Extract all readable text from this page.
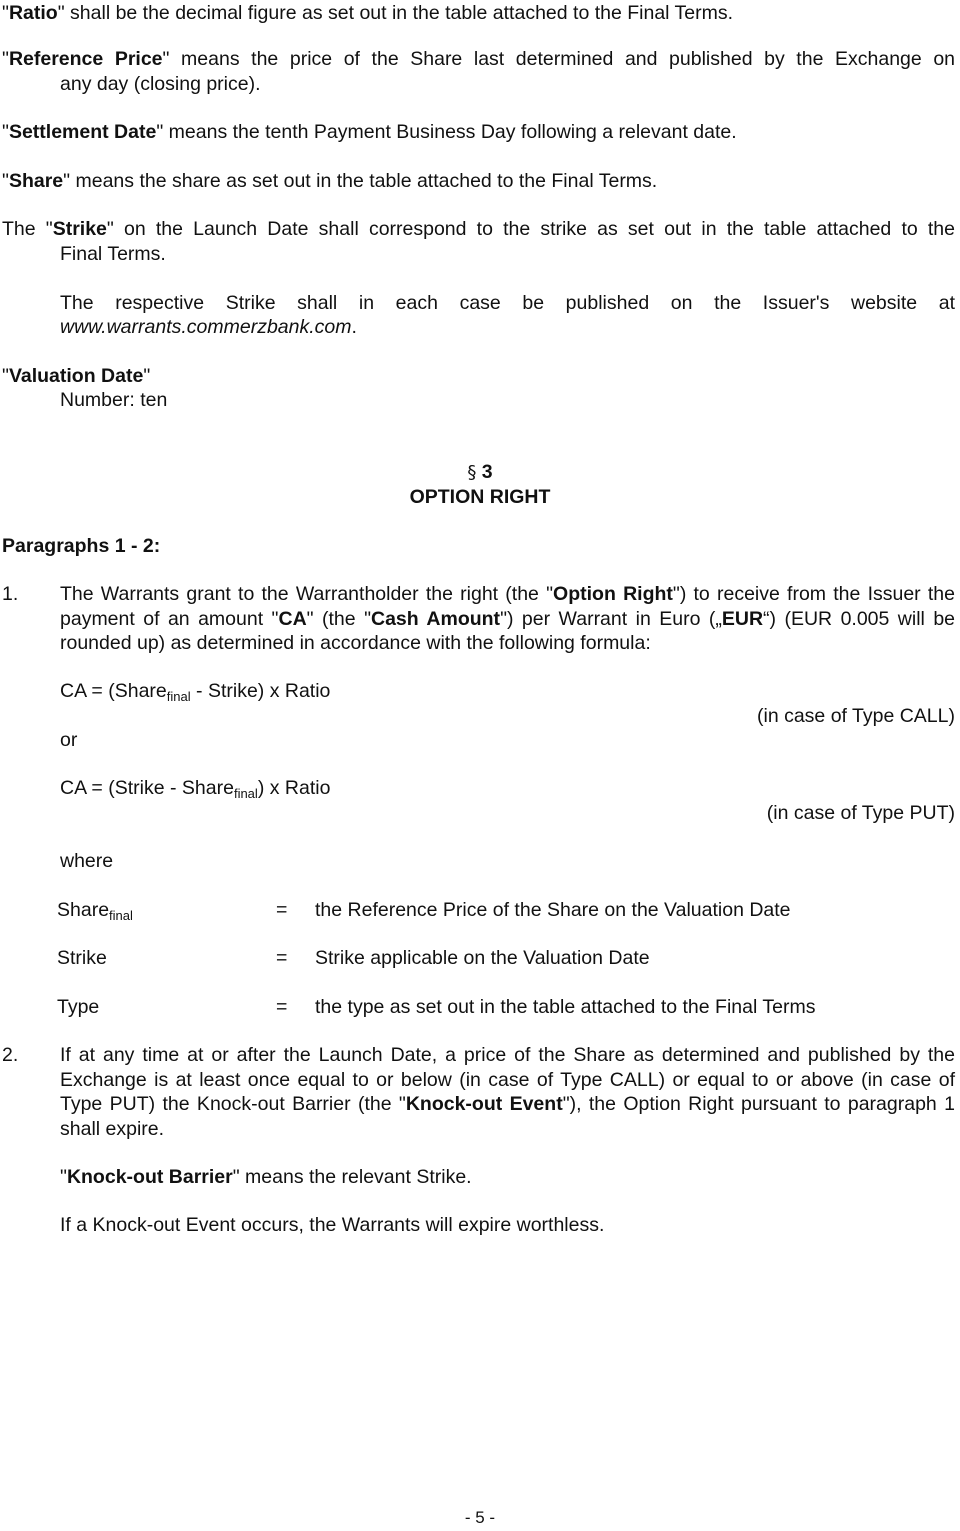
"Ratio" shall be the decimal figure as set out in the table attached to the Final Terms.

"Reference Price" means the price of the Share last determined and published by the Exchange on

any day (closing price).

"Settlement Date" means the tenth Payment Business Day following a relevant date.

"Share" means the share as set out in the table attached to the Final Terms.

The "Strike" on the Launch Date shall correspond to the strike as set out in the table attached to the

Final Terms.

The respective Strike shall in each case be published on the Issuer's website at

www.warrants.commerzbank.com.

"Valuation Date"

Number: ten

§ 3

OPTION RIGHT

Paragraphs 1 - 2:

1. The Warrants grant to the Warrantholder the right (the "Option Right") to receive from the Issuer the payment of an amount "CA" (the "Cash Amount") per Warrant in Euro („EUR“) (EUR 0.005 will be rounded up) as determined in accordance with the following formula:

CA = (Share$_{final}$ - Strike) x Ratio

(in case of Type CALL)

or

CA = (Strike - Share$_{final}$) x Ratio

(in case of Type PUT)

where

Share$_{final}$	= the Reference Price of the Share on the Valuation Date
Strike	= Strike applicable on the Valuation Date
Type	= the type as set out in the table attached to the Final Terms
2. If at any time at or after the Launch Date, a price of the Share as determined and published by the Exchange is at least once equal to or below (in case of Type CALL) or equal to or above (in case of Type PUT) the Knock-out Barrier (the "Knock-out Event"), the Option Right pursuant to paragraph 1 shall expire.

"Knock-out Barrier" means the relevant Strike.

If a Knock-out Event occurs, the Warrants will expire worthless.

- 5 -
